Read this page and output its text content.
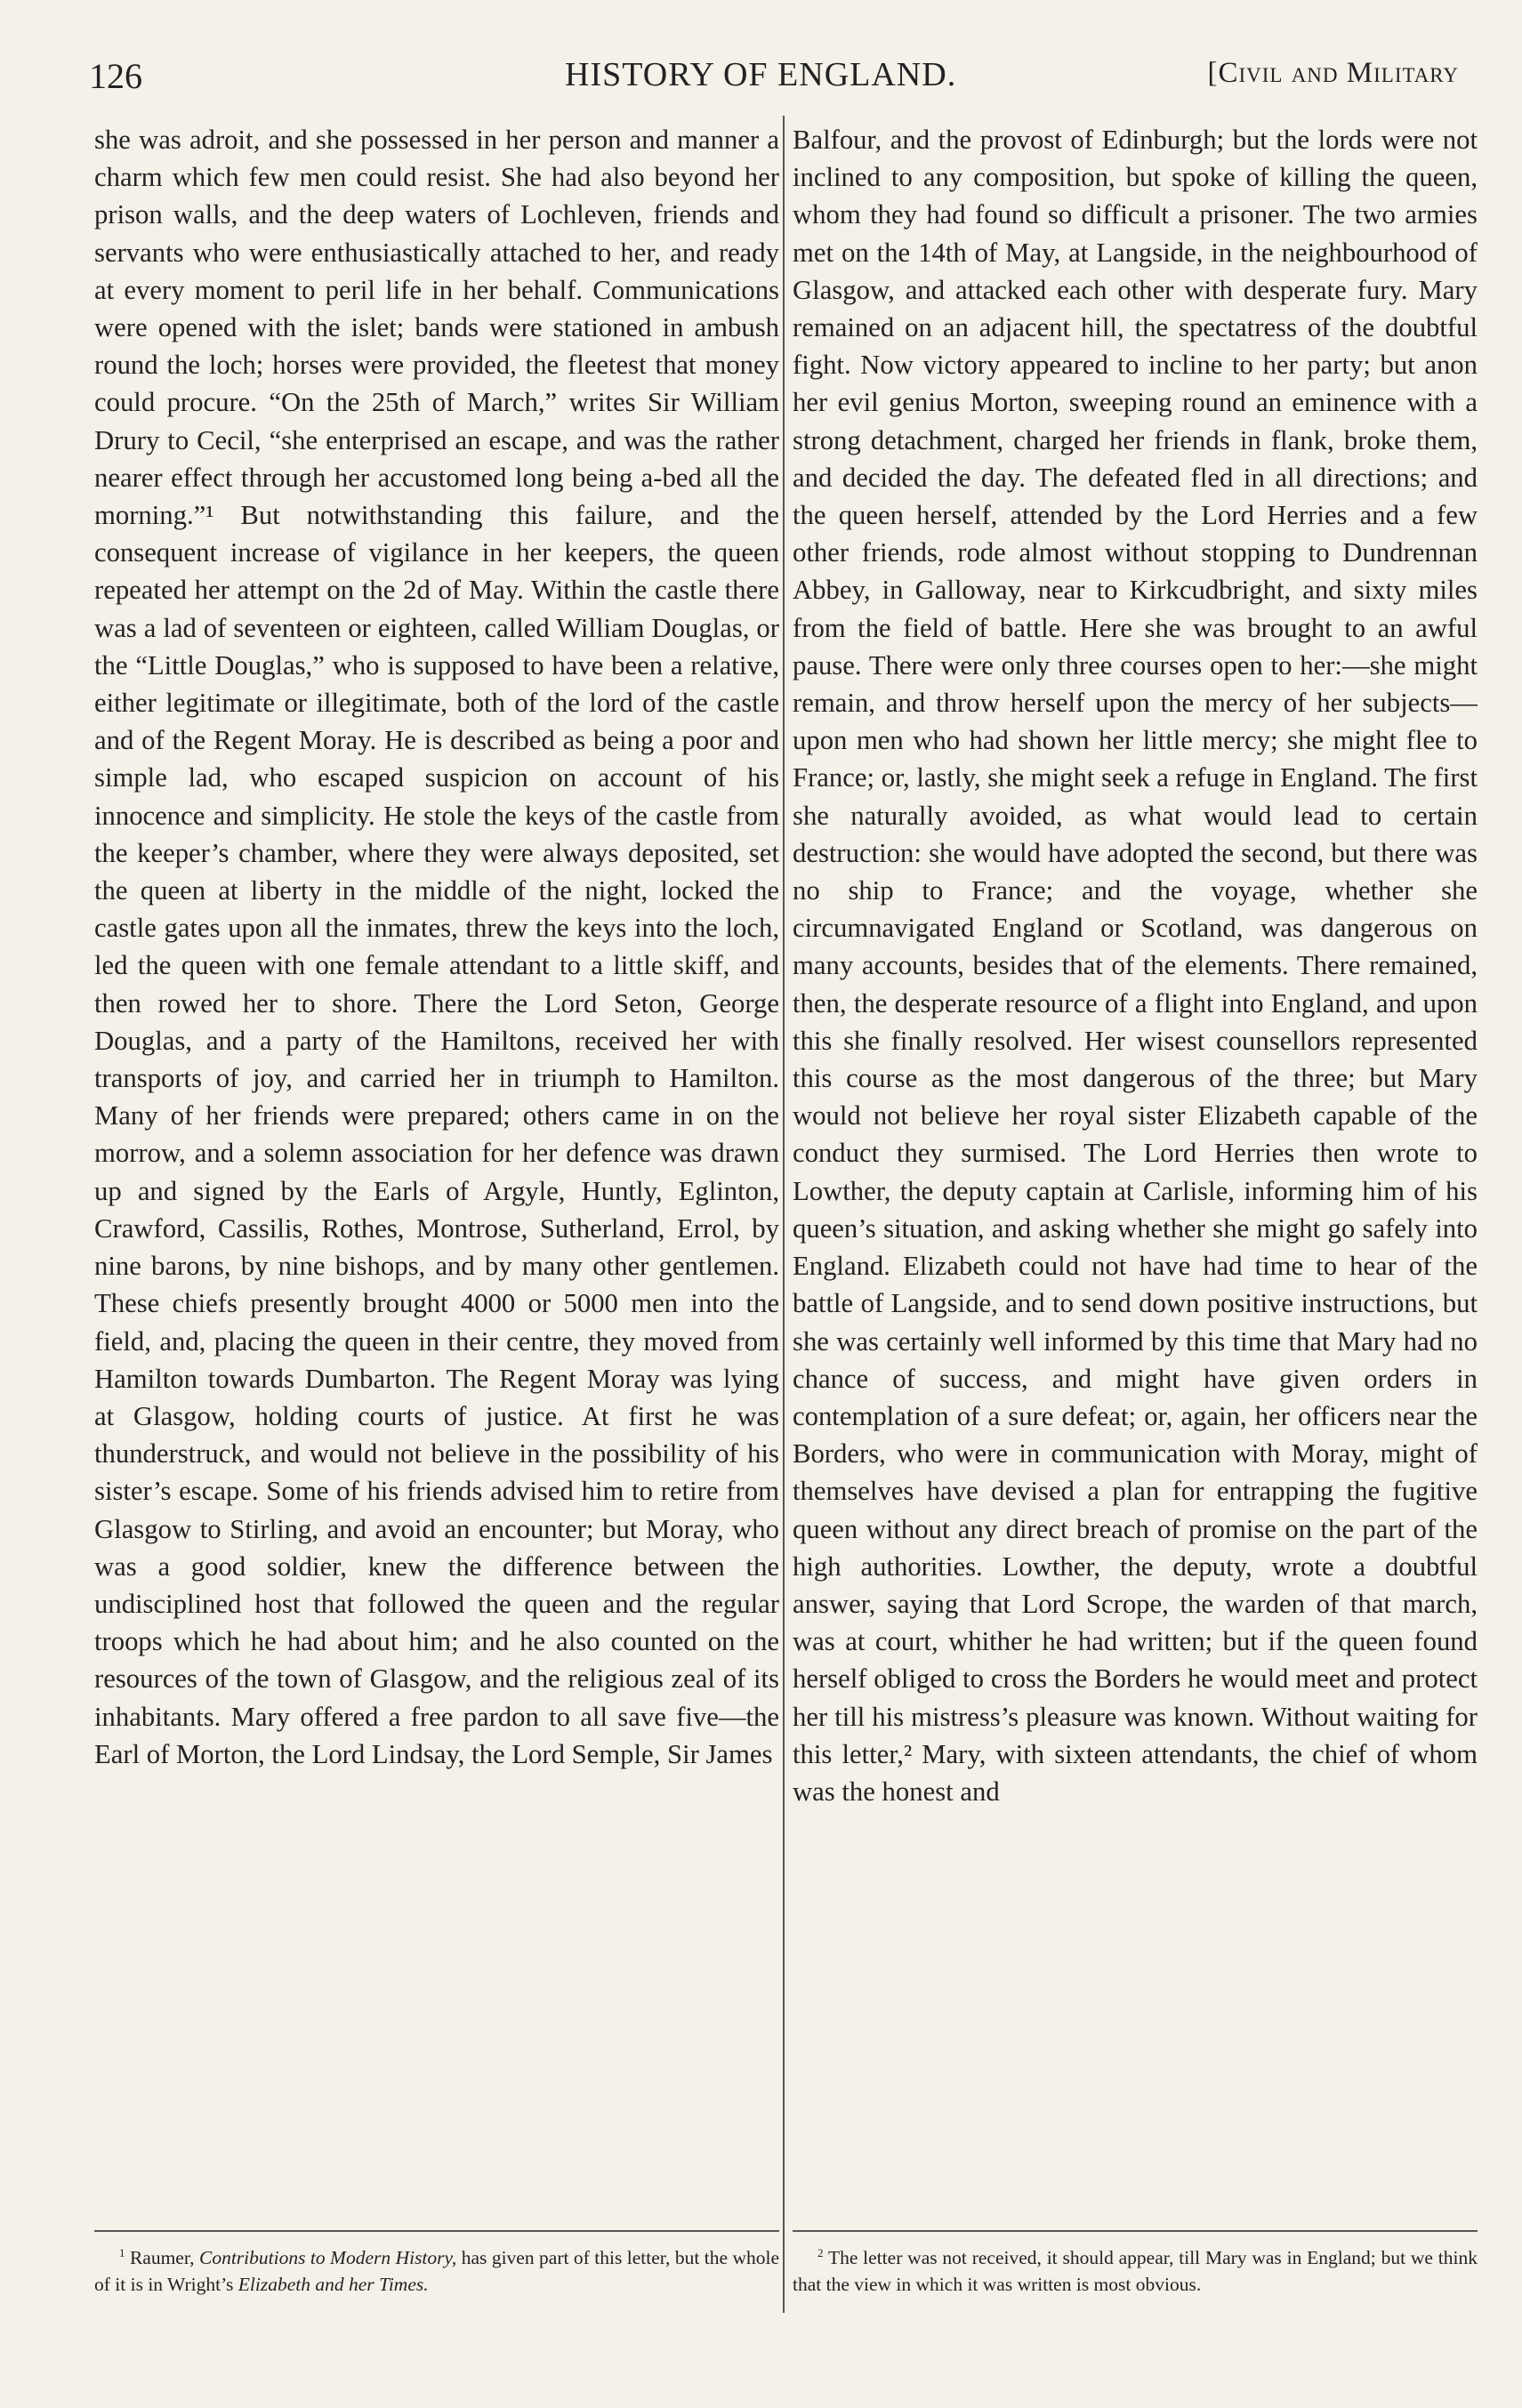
126	HISTORY OF ENGLAND.	[Civil and Military

she was adroit, and she possessed in her person and manner a charm which few men could resist. She had also beyond her prison walls, and the deep waters of Lochleven, friends and servants who were enthusiastically attached to her, and ready at every moment to peril life in her behalf. Communications were opened with the islet; bands were stationed in ambush round the loch; horses were provided, the fleetest that money could procure. “On the 25th of March,” writes Sir William Drury to Cecil, “she enterprised an escape, and was the rather nearer effect through her accustomed long being a-bed all the morning.”¹ But notwithstanding this failure, and the consequent increase of vigilance in her keepers, the queen repeated her attempt on the 2d of May. Within the castle there was a lad of seventeen or eighteen, called William Douglas, or the “Little Douglas,” who is supposed to have been a relative, either legitimate or illegitimate, both of the lord of the castle and of the Regent Moray. He is described as being a poor and simple lad, who escaped suspicion on account of his innocence and simplicity. He stole the keys of the castle from the keeper’s chamber, where they were always deposited, set the queen at liberty in the middle of the night, locked the castle gates upon all the inmates, threw the keys into the loch, led the queen with one female attendant to a little skiff, and then rowed her to shore. There the Lord Seton, George Douglas, and a party of the Hamiltons, received her with transports of joy, and carried her in triumph to Hamilton. Many of her friends were prepared; others came in on the morrow, and a solemn association for her defence was drawn up and signed by the Earls of Argyle, Huntly, Eglinton, Crawford, Cassilis, Rothes, Montrose, Sutherland, Errol, by nine barons, by nine bishops, and by many other gentlemen. These chiefs presently brought 4000 or 5000 men into the field, and, placing the queen in their centre, they moved from Hamilton towards Dumbarton. The Regent Moray was lying at Glasgow, holding courts of justice. At first he was thunderstruck, and would not believe in the possibility of his sister’s escape. Some of his friends advised him to retire from Glasgow to Stirling, and avoid an encounter; but Moray, who was a good soldier, knew the difference between the undisciplined host that followed the queen and the regular troops which he had about him; and he also counted on the resources of the town of Glasgow, and the religious zeal of its inhabitants. Mary offered a free pardon to all save five—the Earl of Morton, the Lord Lindsay, the Lord Semple, Sir James

Balfour, and the provost of Edinburgh; but the lords were not inclined to any composition, but spoke of killing the queen, whom they had found so difficult a prisoner. The two armies met on the 14th of May, at Langside, in the neighbourhood of Glasgow, and attacked each other with desperate fury. Mary remained on an adjacent hill, the spectatress of the doubtful fight. Now victory appeared to incline to her party; but anon her evil genius Morton, sweeping round an eminence with a strong detachment, charged her friends in flank, broke them, and decided the day. The defeated fled in all directions; and the queen herself, attended by the Lord Herries and a few other friends, rode almost without stopping to Dundrennan Abbey, in Galloway, near to Kirkcudbright, and sixty miles from the field of battle. Here she was brought to an awful pause. There were only three courses open to her:—she might remain, and throw herself upon the mercy of her subjects—upon men who had shown her little mercy; she might flee to France; or, lastly, she might seek a refuge in England. The first she naturally avoided, as what would lead to certain destruction: she would have adopted the second, but there was no ship to France; and the voyage, whether she circumnavigated England or Scotland, was dangerous on many accounts, besides that of the elements. There remained, then, the desperate resource of a flight into England, and upon this she finally resolved. Her wisest counsellors represented this course as the most dangerous of the three; but Mary would not believe her royal sister Elizabeth capable of the conduct they surmised. The Lord Herries then wrote to Lowther, the deputy captain at Carlisle, informing him of his queen’s situation, and asking whether she might go safely into England. Elizabeth could not have had time to hear of the battle of Langside, and to send down positive instructions, but she was certainly well informed by this time that Mary had no chance of success, and might have given orders in contemplation of a sure defeat; or, again, her officers near the Borders, who were in communication with Moray, might of themselves have devised a plan for entrapping the fugitive queen without any direct breach of promise on the part of the high authorities. Lowther, the deputy, wrote a doubtful answer, saying that Lord Scrope, the warden of that march, was at court, whither he had written; but if the queen found herself obliged to cross the Borders he would meet and protect her till his mistress’s pleasure was known. Without waiting for this letter,² Mary, with sixteen attendants, the chief of whom was the honest and

$^1$ Raumer, Contributions to Modern History, has given part of this letter, but the whole of it is in Wright’s Elizabeth and her Times.

$^2$ The letter was not received, it should appear, till Mary was in England; but we think that the view in which it was written is most obvious.
